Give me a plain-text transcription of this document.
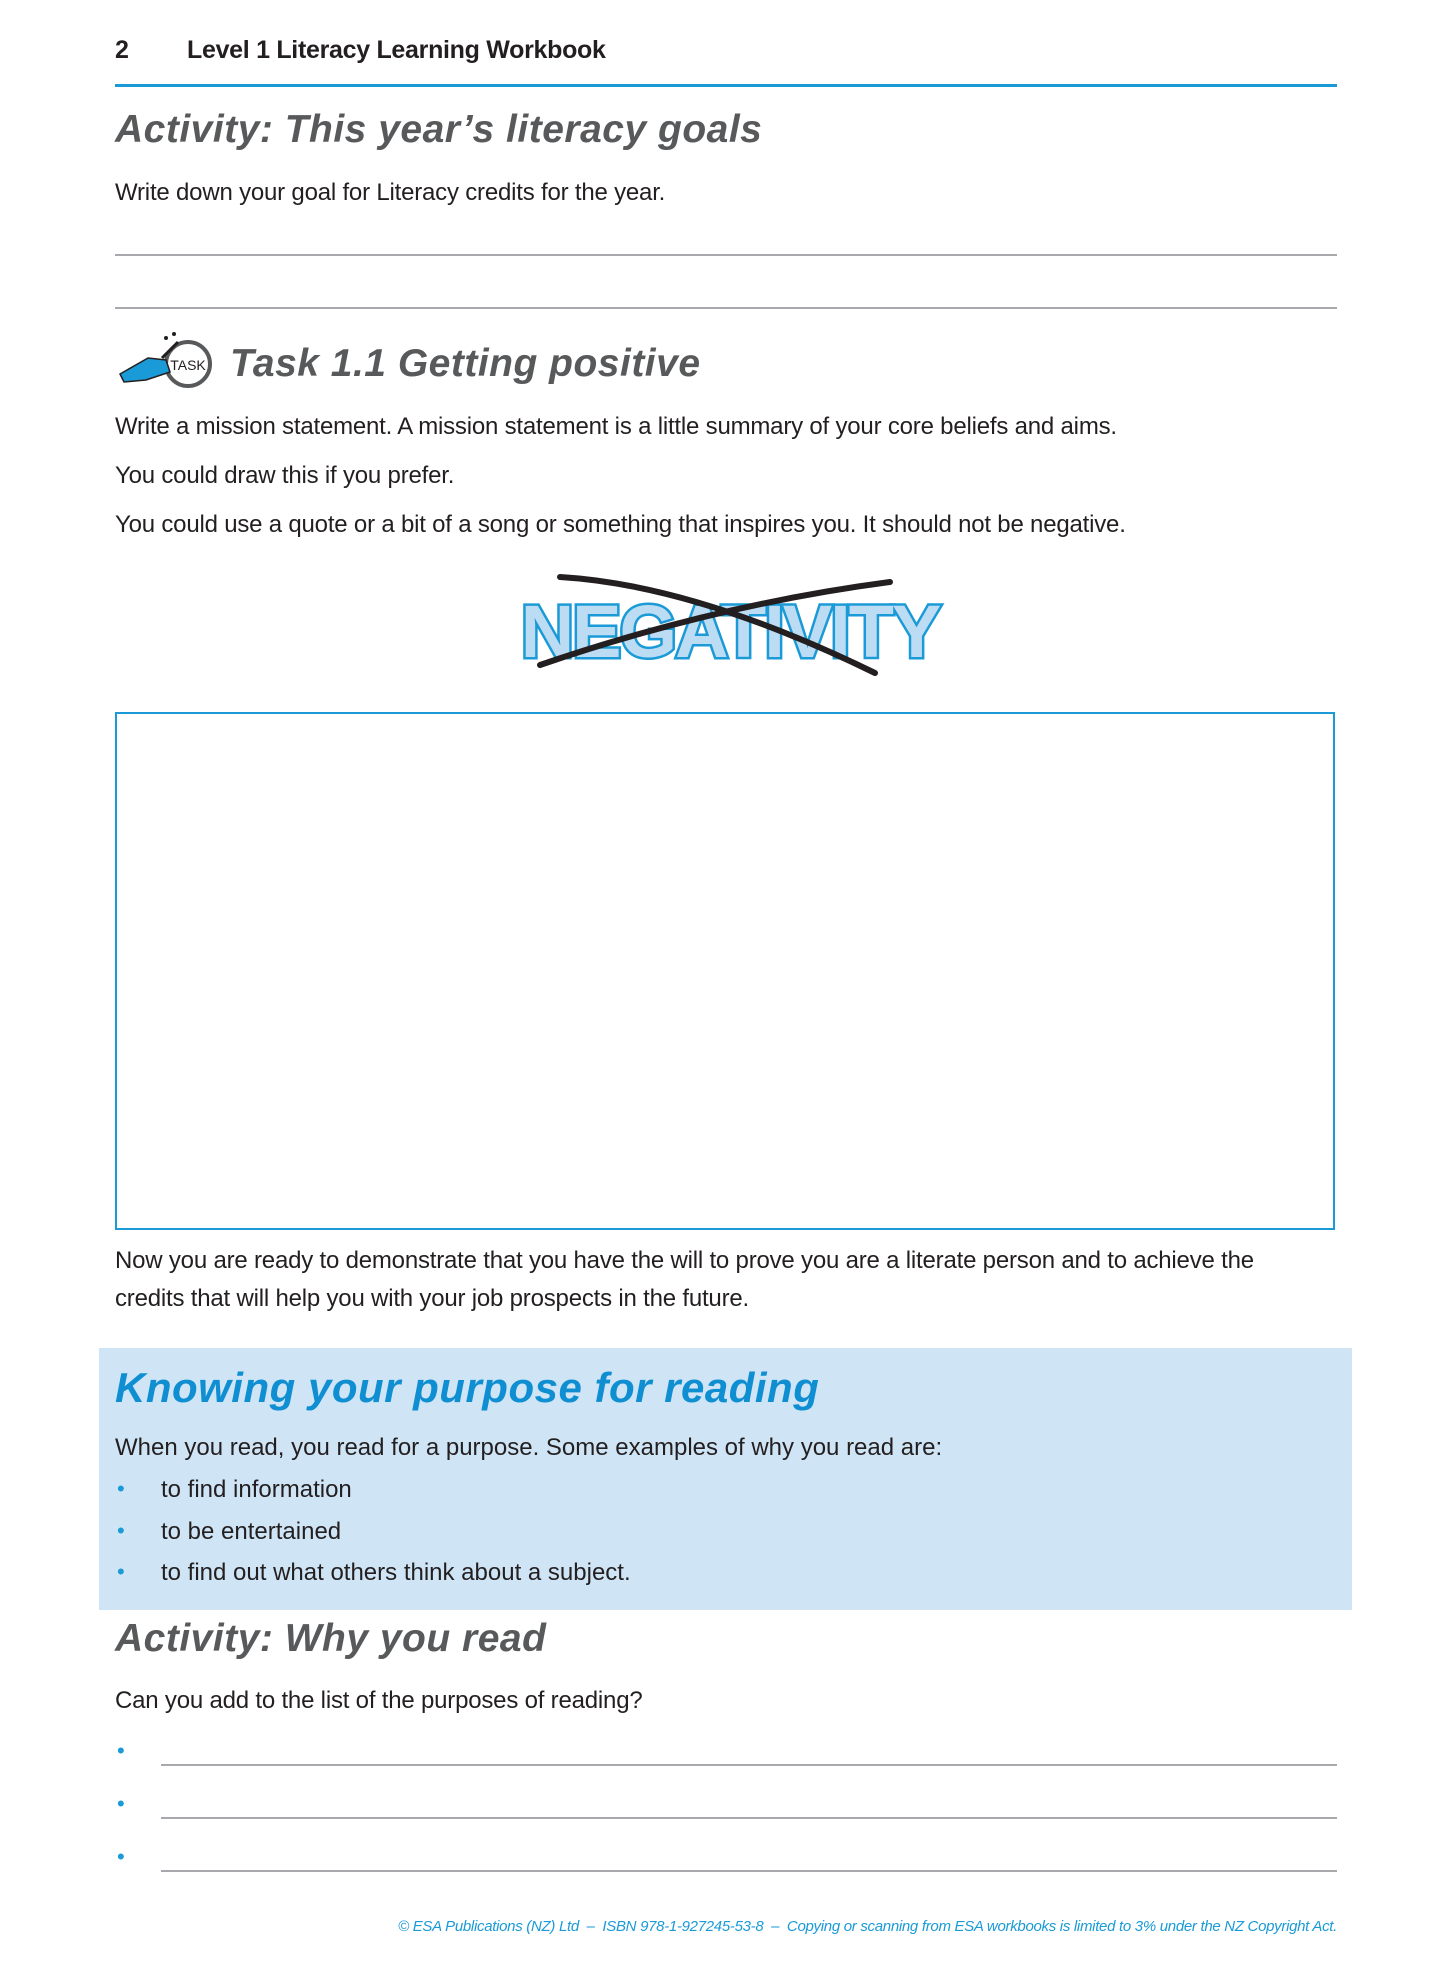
2 Level 1 Literacy Learning Workbook
Activity: This year’s literacy goals
Write down your goal for Literacy credits for the year.
TASK Task 1.1 Getting positive
Write a mission statement. A mission statement is a little summary of your core beliefs and aims.
You could draw this if you prefer.
You could use a quote or a bit of a song or something that inspires you. It should not be negative.
NEGATIVITY
Now you are ready to demonstrate that you have the will to prove you are a literate person and to achieve the
credits that will help you with your job prospects in the future.
Knowing your purpose for reading
When you read, you read for a purpose. Some examples of why you read are:
• to find information
• to be entertained
• to find out what others think about a subject.
Activity: Why you read
Can you add to the list of the purposes of reading?
•
•
•
© ESA Publications (NZ) Ltd  –  ISBN 978-1-927245-53-8  –  Copying or scanning from ESA workbooks is limited to 3% under the NZ Copyright Act.
